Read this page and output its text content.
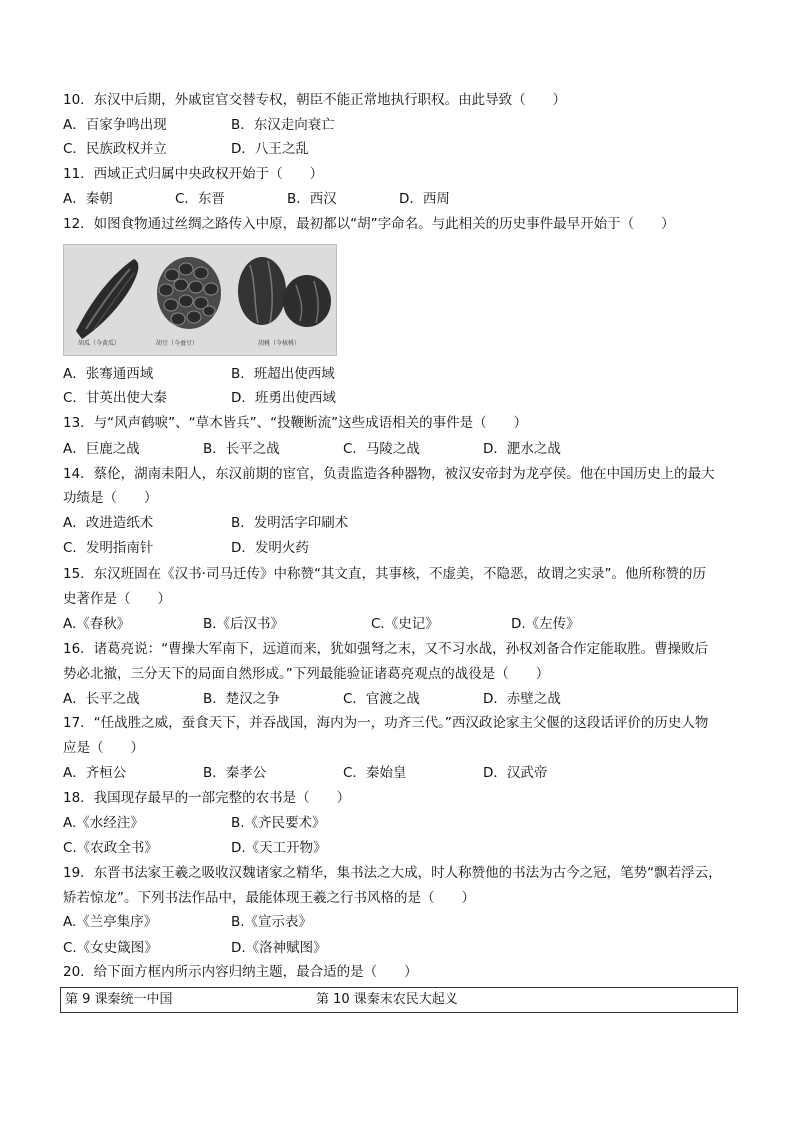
10．东汉中后期，外戚宦官交替专权，朝臣不能正常地执行职权。由此导致（　　）
A．百家争鸣出现	B．东汉走向衰亡
C．民族政权并立	D．八王之乱
11．西域正式归属中央政权开始于（　　）
A．秦朝	C．东晋	B．西汉	D．西周
12．如图食物通过丝绸之路传入中原，最初都以“胡”字命名。与此相关的历史事件最早开始于（　　）
胡瓜（今黄瓜）	胡豆（今蚕豆）	胡桃（今核桃）
A．张骞通西域	B．班超出使西域
C．甘英出使大秦	D．班勇出使西域
13．与“风声鹤唳”、“草木皆兵”、“投鞭断流”这些成语相关的事件是（　　）
A．巨鹿之战	B．长平之战	C．马陵之战	D．淝水之战
14．蔡伦，湖南耒阳人，东汉前期的宦官，负责监造各种器物，被汉安帝封为龙亭侯。他在中国历史上的最大
功绩是（　　）
A．改进造纸术	B．发明活字印刷术
C．发明指南针	D．发明火药
15．东汉班固在《汉书·司马迁传》中称赞“其文直，其事核，不虚美，不隐恶，故谓之实录”。他所称赞的历
史著作是（　　）
A.《春秋》	B.《后汉书》	C.《史记》	D.《左传》
16．诸葛亮说：“曹操大军南下，远道而来，犹如强弩之末，又不习水战，孙权刘备合作定能取胜。曹操败后
势必北撤，三分天下的局面自然形成。”下列最能验证诸葛亮观点的战役是（　　）
A．长平之战	B．楚汉之争	C．官渡之战	D．赤壁之战
17．“任战胜之威，蚕食天下，并吞战国，海内为一，功齐三代。”西汉政论家主父偃的这段话评价的历史人物
应是（　　）
A．齐桓公	B．秦孝公	C．秦始皇	D．汉武帝
18．我国现存最早的一部完整的农书是（　　）
A.《水经注》	B.《齐民要术》
C.《农政全书》	D.《天工开物》
19．东晋书法家王羲之吸收汉魏诸家之精华，集书法之大成，时人称赞他的书法为古今之冠，笔势“飘若浮云，
矫若惊龙”。下列书法作品中，最能体现王羲之行书风格的是（　　）
A.《兰亭集序》	B.《宣示表》
C.《女史箴图》	D.《洛神赋图》
20．给下面方框内所示内容归纳主题，最合适的是（　　）
第 9 课秦统一中国	第 10 课秦末农民大起义
